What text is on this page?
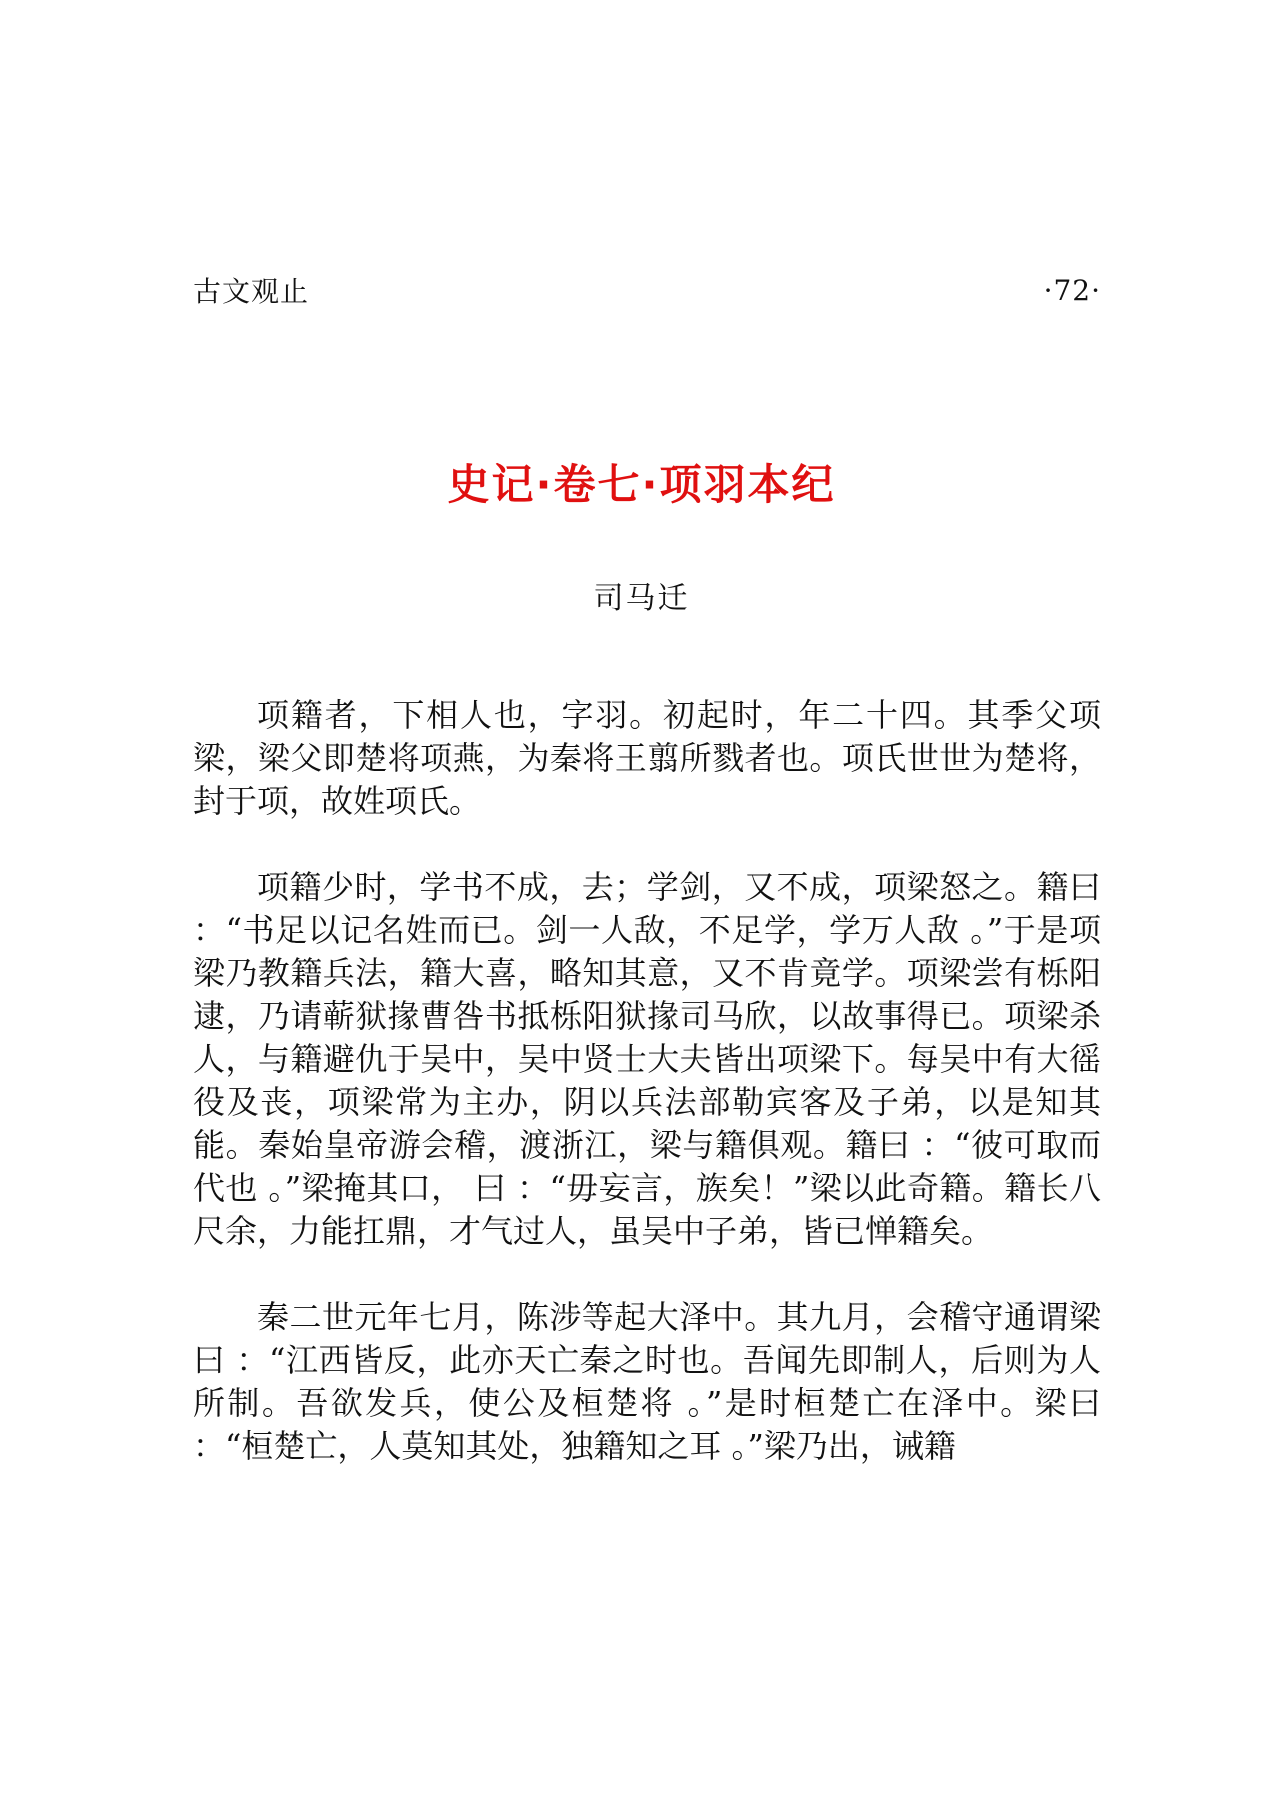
古文观止	·72·
史记·卷七·项羽本纪
司马迁

项籍者，下相人也，字羽。初起时，年二十四。其季父项梁，梁父即楚将项燕，为秦将王翦所戮者也。项氏世世为楚将，封于项，故姓项氏。

项籍少时，学书不成，去；学剑，又不成，项梁怒之。籍曰 ：“书足以记名姓而已。剑一人敌，不足学，学万人敌 。”于是项梁乃教籍兵法，籍大喜，略知其意，又不肯竟学。项梁尝有栎阳逮，乃请蕲狱掾曹咎书抵栎阳狱掾司马欣，以故事得已。项梁杀人，与籍避仇于吴中，吴中贤士大夫皆出项梁下。每吴中有大徭役及丧，项梁常为主办，阴以兵法部勒宾客及子弟，以是知其能。秦始皇帝游会稽，渡浙江，梁与籍俱观。籍曰 ：“彼可取而代也 。”梁掩其口， 曰 ：“毋妄言，族矣！”梁以此奇籍。籍长八尺余，力能扛鼎，才气过人，虽吴中子弟，皆已惮籍矣。

秦二世元年七月，陈涉等起大泽中。其九月，会稽守通谓梁曰 ：“江西皆反，此亦天亡秦之时也。吾闻先即制人，后则为人所制。吾欲发兵，使公及桓楚将 。”是时桓楚亡在泽中。梁曰 ：“桓楚亡，人莫知其处，独籍知之耳 。”梁乃出，诫籍
